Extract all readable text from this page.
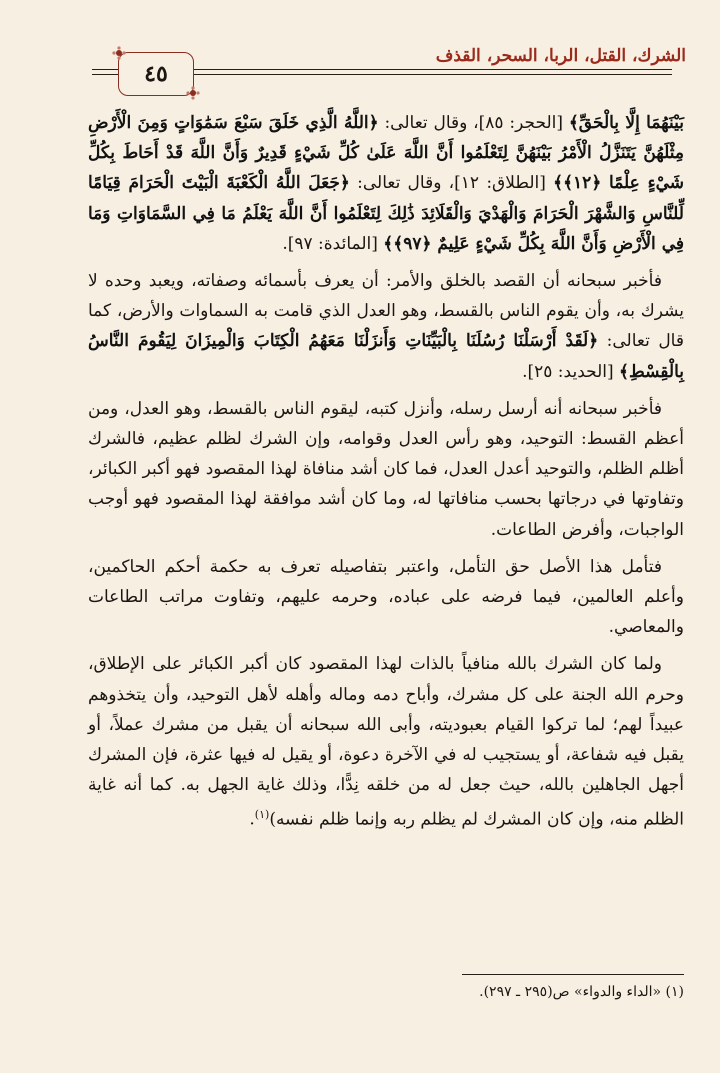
الشرك، القتل، الربا، السحر، القذف
٤٥

بَيْنَهُمَا إِلَّا بِالْحَقِّ﴾ [الحجر: ٨٥]، وقال تعالى: ﴿اللَّهُ الَّذِي خَلَقَ سَبْعَ سَمَٰوَاتٍ وَمِنَ الْأَرْضِ مِثْلَهُنَّ يَتَنَزَّلُ الْأَمْرُ بَيْنَهُنَّ لِتَعْلَمُوا أَنَّ اللَّهَ عَلَىٰ كُلِّ شَيْءٍ قَدِيرٌ وَأَنَّ اللَّهَ قَدْ أَحَاطَ بِكُلِّ شَيْءٍ عِلْمًا ﴿١٢﴾﴾ [الطلاق: ١٢]، وقال تعالى: ﴿جَعَلَ اللَّهُ الْكَعْبَةَ الْبَيْتَ الْحَرَامَ قِيَامًا لِّلنَّاسِ وَالشَّهْرَ الْحَرَامَ وَالْهَدْيَ وَالْقَلَائِدَ ذَٰلِكَ لِتَعْلَمُوا أَنَّ اللَّهَ يَعْلَمُ مَا فِي السَّمَاوَاتِ وَمَا فِي الْأَرْضِ وَأَنَّ اللَّهَ بِكُلِّ شَيْءٍ عَلِيمٌ ﴿٩٧﴾﴾ [المائدة: ٩٧].

فأخبر سبحانه أن القصد بالخلق والأمر: أن يعرف بأسمائه وصفاته، ويعبد وحده لا يشرك به، وأن يقوم الناس بالقسط، وهو العدل الذي قامت به السماوات والأرض، كما قال تعالى: ﴿لَقَدْ أَرْسَلْنَا رُسُلَنَا بِالْبَيِّنَاتِ وَأَنزَلْنَا مَعَهُمُ الْكِتَابَ وَالْمِيزَانَ لِيَقُومَ النَّاسُ بِالْقِسْطِ﴾ [الحديد: ٢٥].

فأخبر سبحانه أنه أرسل رسله، وأنزل كتبه، ليقوم الناس بالقسط، وهو العدل، ومن أعظم القسط: التوحيد، وهو رأس العدل وقوامه، وإن الشرك لظلم عظيم، فالشرك أظلم الظلم، والتوحيد أعدل العدل، فما كان أشد منافاة لهذا المقصود فهو أكبر الكبائر، وتفاوتها في درجاتها بحسب منافاتها له، وما كان أشد موافقة لهذا المقصود فهو أوجب الواجبات، وأفرض الطاعات.

فتأمل هذا الأصل حق التأمل، واعتبر بتفاصيله تعرف به حكمة أحكم الحاكمين، وأعلم العالمين، فيما فرضه على عباده، وحرمه عليهم، وتفاوت مراتب الطاعات والمعاصي.

ولما كان الشرك بالله منافياً بالذات لهذا المقصود كان أكبر الكبائر على الإطلاق، وحرم الله الجنة على كل مشرك، وأباح دمه وماله وأهله لأهل التوحيد، وأن يتخذوهم عبيداً لهم؛ لما تركوا القيام بعبوديته، وأبى الله سبحانه أن يقبل من مشرك عملاً، أو يقبل فيه شفاعة، أو يستجيب له في الآخرة دعوة، أو يقيل له فيها عثرة، فإن المشرك أجهل الجاهلين بالله، حيث جعل له من خلقه نِدًّا، وذلك غاية الجهل به. كما أنه غاية الظلم منه، وإن كان المشرك لم يظلم ربه وإنما ظلم نفسه)$^{(١)}$.

(١) «الداء والدواء» ص(٢٩٥ ـ ٢٩٧).
